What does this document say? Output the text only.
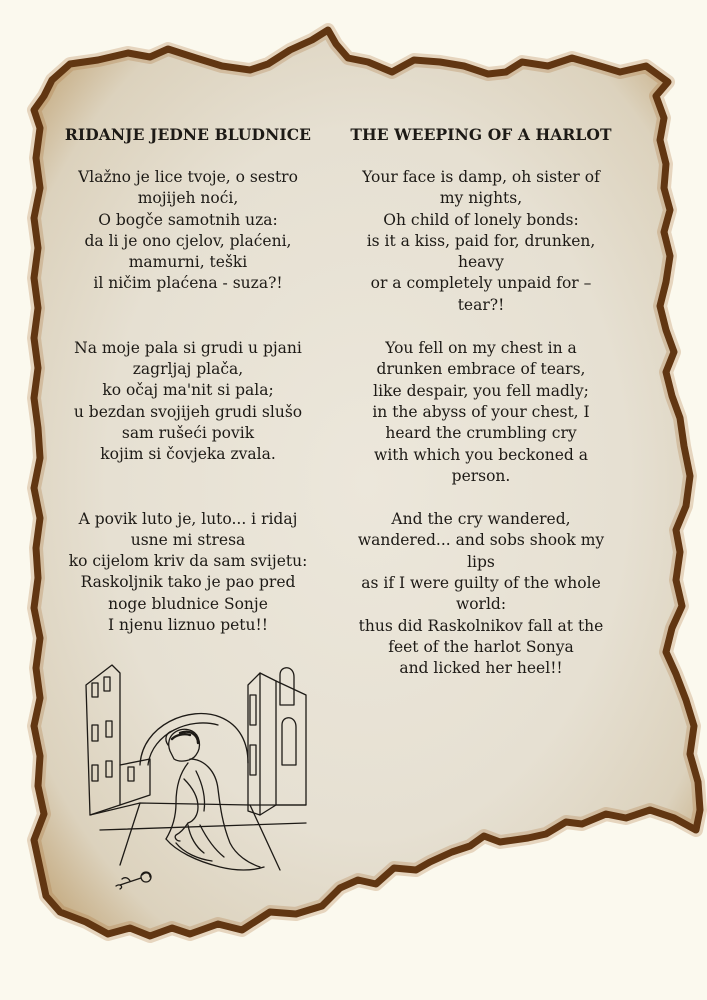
RIDANJE JEDNE BLUDNICE

Vlažno je lice tvoje, o sestro
mojijeh noći,
O bogče samotnih uza:
da li je ono cjelov, plaćeni,
mamurni, teški
il ničim plaćena - suza?!

Na moje pala si grudi u pjani
zagrljaj plača,
ko očaj ma'nit si pala;
u bezdan svojijeh grudi slušo
sam rušeći povik
kojim si čovjeka zvala.

A povik luto je, luto... i ridaj
usne mi stresa
ko cijelom kriv da sam svijetu:
Raskoljnik tako je pao pred
noge bludnice Sonje
I njenu liznuo petu!!

THE WEEPING OF A HARLOT

Your face is damp, oh sister of
my nights,
Oh child of lonely bonds:
is it a kiss, paid for, drunken,
heavy
or a completely unpaid for –
tear?!

You fell on my chest in a
drunken embrace of tears,
like despair, you fell madly;
in the abyss of your chest, I
heard the crumbling cry
with which you beckoned a
person.

And the cry wandered,
wandered... and sobs shook my
lips
as if I were guilty of the whole
world:
thus did Raskolnikov fall at the
feet of the harlot Sonya
and licked her heel!!
